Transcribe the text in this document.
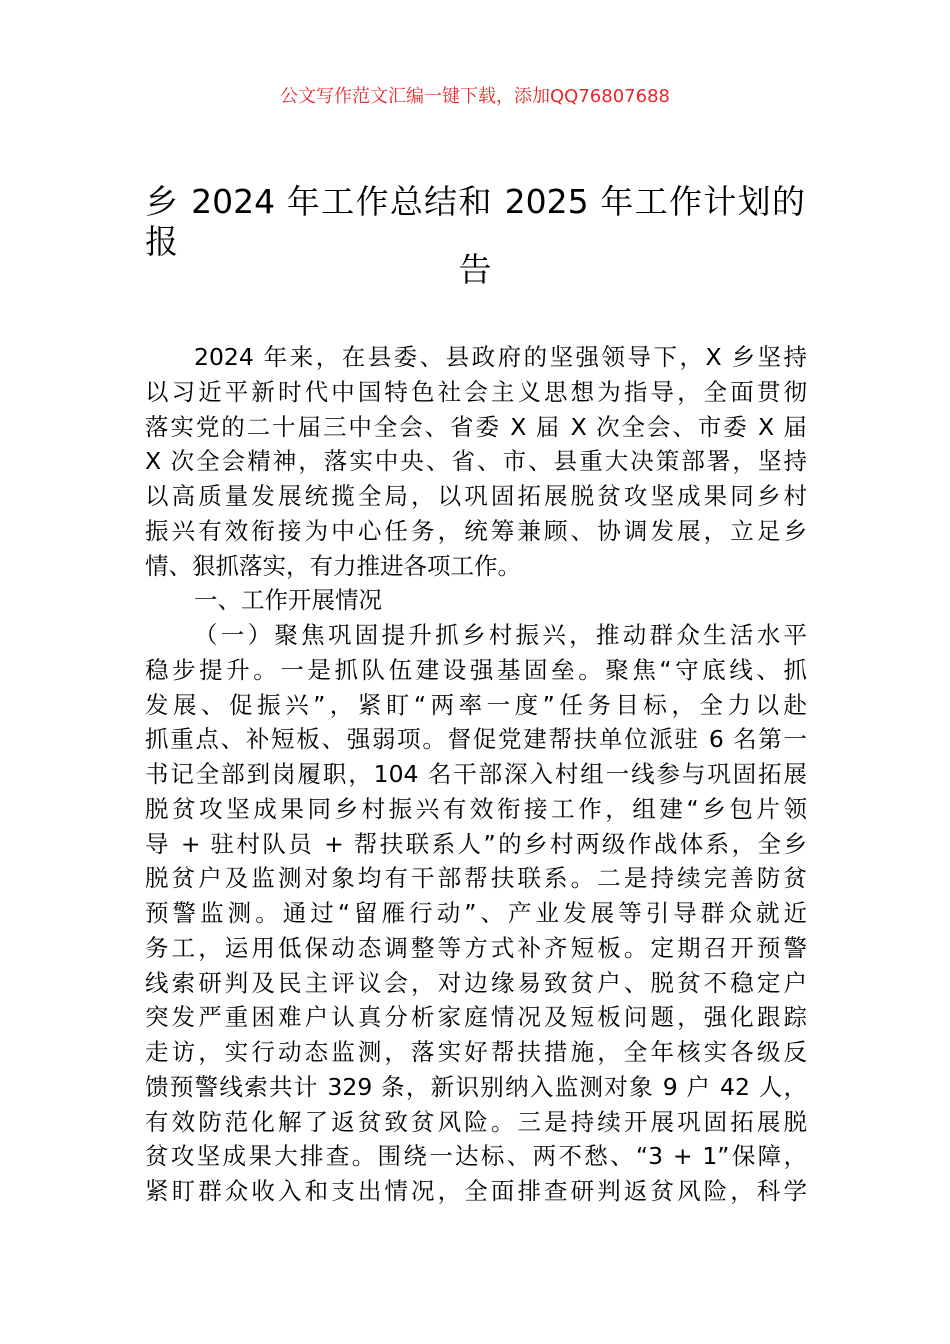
公文写作范文汇编一键下载，添加QQ76807688
乡 2024 年工作总结和 2025 年工作计划的报
告
2024 年来，在县委、县政府的坚强领导下，X 乡坚持
以习近平新时代中国特色社会主义思想为指导，全面贯彻
落实党的二十届三中全会、省委 X 届 X 次全会、市委 X 届
X 次全会精神，落实中央、省、市、县重大决策部署，坚持
以高质量发展统揽全局，以巩固拓展脱贫攻坚成果同乡村
振兴有效衔接为中心任务，统筹兼顾、协调发展，立足乡
情、狠抓落实，有力推进各项工作。
一、工作开展情况
（一）聚焦巩固提升抓乡村振兴，推动群众生活水平
稳步提升。一是抓队伍建设强基固垒。聚焦“守底线、抓
发展、促振兴”，紧盯“两率一度”任务目标，全力以赴
抓重点、补短板、强弱项。督促党建帮扶单位派驻 6 名第一
书记全部到岗履职，104 名干部深入村组一线参与巩固拓展
脱贫攻坚成果同乡村振兴有效衔接工作，组建“乡包片领
导 + 驻村队员 + 帮扶联系人”的乡村两级作战体系，全乡
脱贫户及监测对象均有干部帮扶联系。二是持续完善防贫
预警监测。通过“留雁行动”、产业发展等引导群众就近
务工，运用低保动态调整等方式补齐短板。定期召开预警
线索研判及民主评议会，对边缘易致贫户、脱贫不稳定户
突发严重困难户认真分析家庭情况及短板问题，强化跟踪
走访，实行动态监测，落实好帮扶措施，全年核实各级反
馈预警线索共计 329 条，新识别纳入监测对象 9 户 42 人，
有效防范化解了返贫致贫风险。三是持续开展巩固拓展脱
贫攻坚成果大排查。围绕一达标、两不愁、“3 + 1”保障，
紧盯群众收入和支出情况，全面排查研判返贫风险，科学
